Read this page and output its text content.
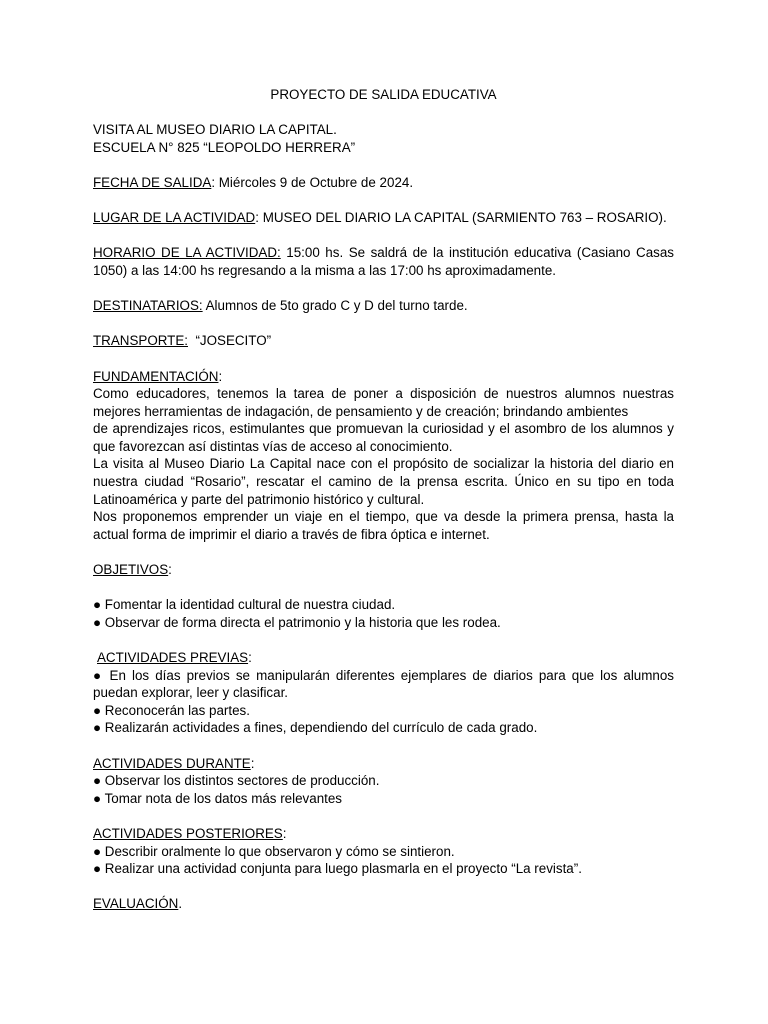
PROYECTO DE SALIDA EDUCATIVA

VISITA AL MUSEO DIARIO LA CAPITAL.

ESCUELA N° 825 “LEOPOLDO HERRERA”

FECHA DE SALIDA: Miércoles 9 de Octubre de 2024.

LUGAR DE LA ACTIVIDAD: MUSEO DEL DIARIO LA CAPITAL (SARMIENTO 763 – ROSARIO).

HORARIO DE LA ACTIVIDAD: 15:00 hs. Se saldrá de la institución educativa (Casiano Casas 1050) a las 14:00 hs regresando a la misma a las 17:00 hs aproximadamente.

DESTINATARIOS: Alumnos de 5to grado C y D del turno tarde.

TRANSPORTE:  “JOSECITO”

FUNDAMENTACIÓN:

Como educadores, tenemos la tarea de poner a disposición de nuestros alumnos nuestras mejores herramientas de indagación, de pensamiento y de creación; brindando ambientes

de aprendizajes ricos, estimulantes que promuevan la curiosidad y el asombro de los alumnos y que favorezcan así distintas vías de acceso al conocimiento.

La visita al Museo Diario La Capital nace con el propósito de socializar la historia del diario en nuestra ciudad “Rosario”, rescatar el camino de la prensa escrita. Único en su tipo en toda Latinoamérica y parte del patrimonio histórico y cultural.

Nos proponemos emprender un viaje en el tiempo, que va desde la primera prensa, hasta la actual forma de imprimir el diario a través de fibra óptica e internet.

OBJETIVOS:

● Fomentar la identidad cultural de nuestra ciudad.

● Observar de forma directa el patrimonio y la historia que les rodea.

ACTIVIDADES PREVIAS:

● En los días previos se manipularán diferentes ejemplares de diarios para que los alumnos puedan explorar, leer y clasificar.

● Reconocerán las partes.

● Realizarán actividades a fines, dependiendo del currículo de cada grado.

ACTIVIDADES DURANTE:

● Observar los distintos sectores de producción.

● Tomar nota de los datos más relevantes

ACTIVIDADES POSTERIORES:

● Describir oralmente lo que observaron y cómo se sintieron.

● Realizar una actividad conjunta para luego plasmarla en el proyecto “La revista”.

EVALUACIÓN.
